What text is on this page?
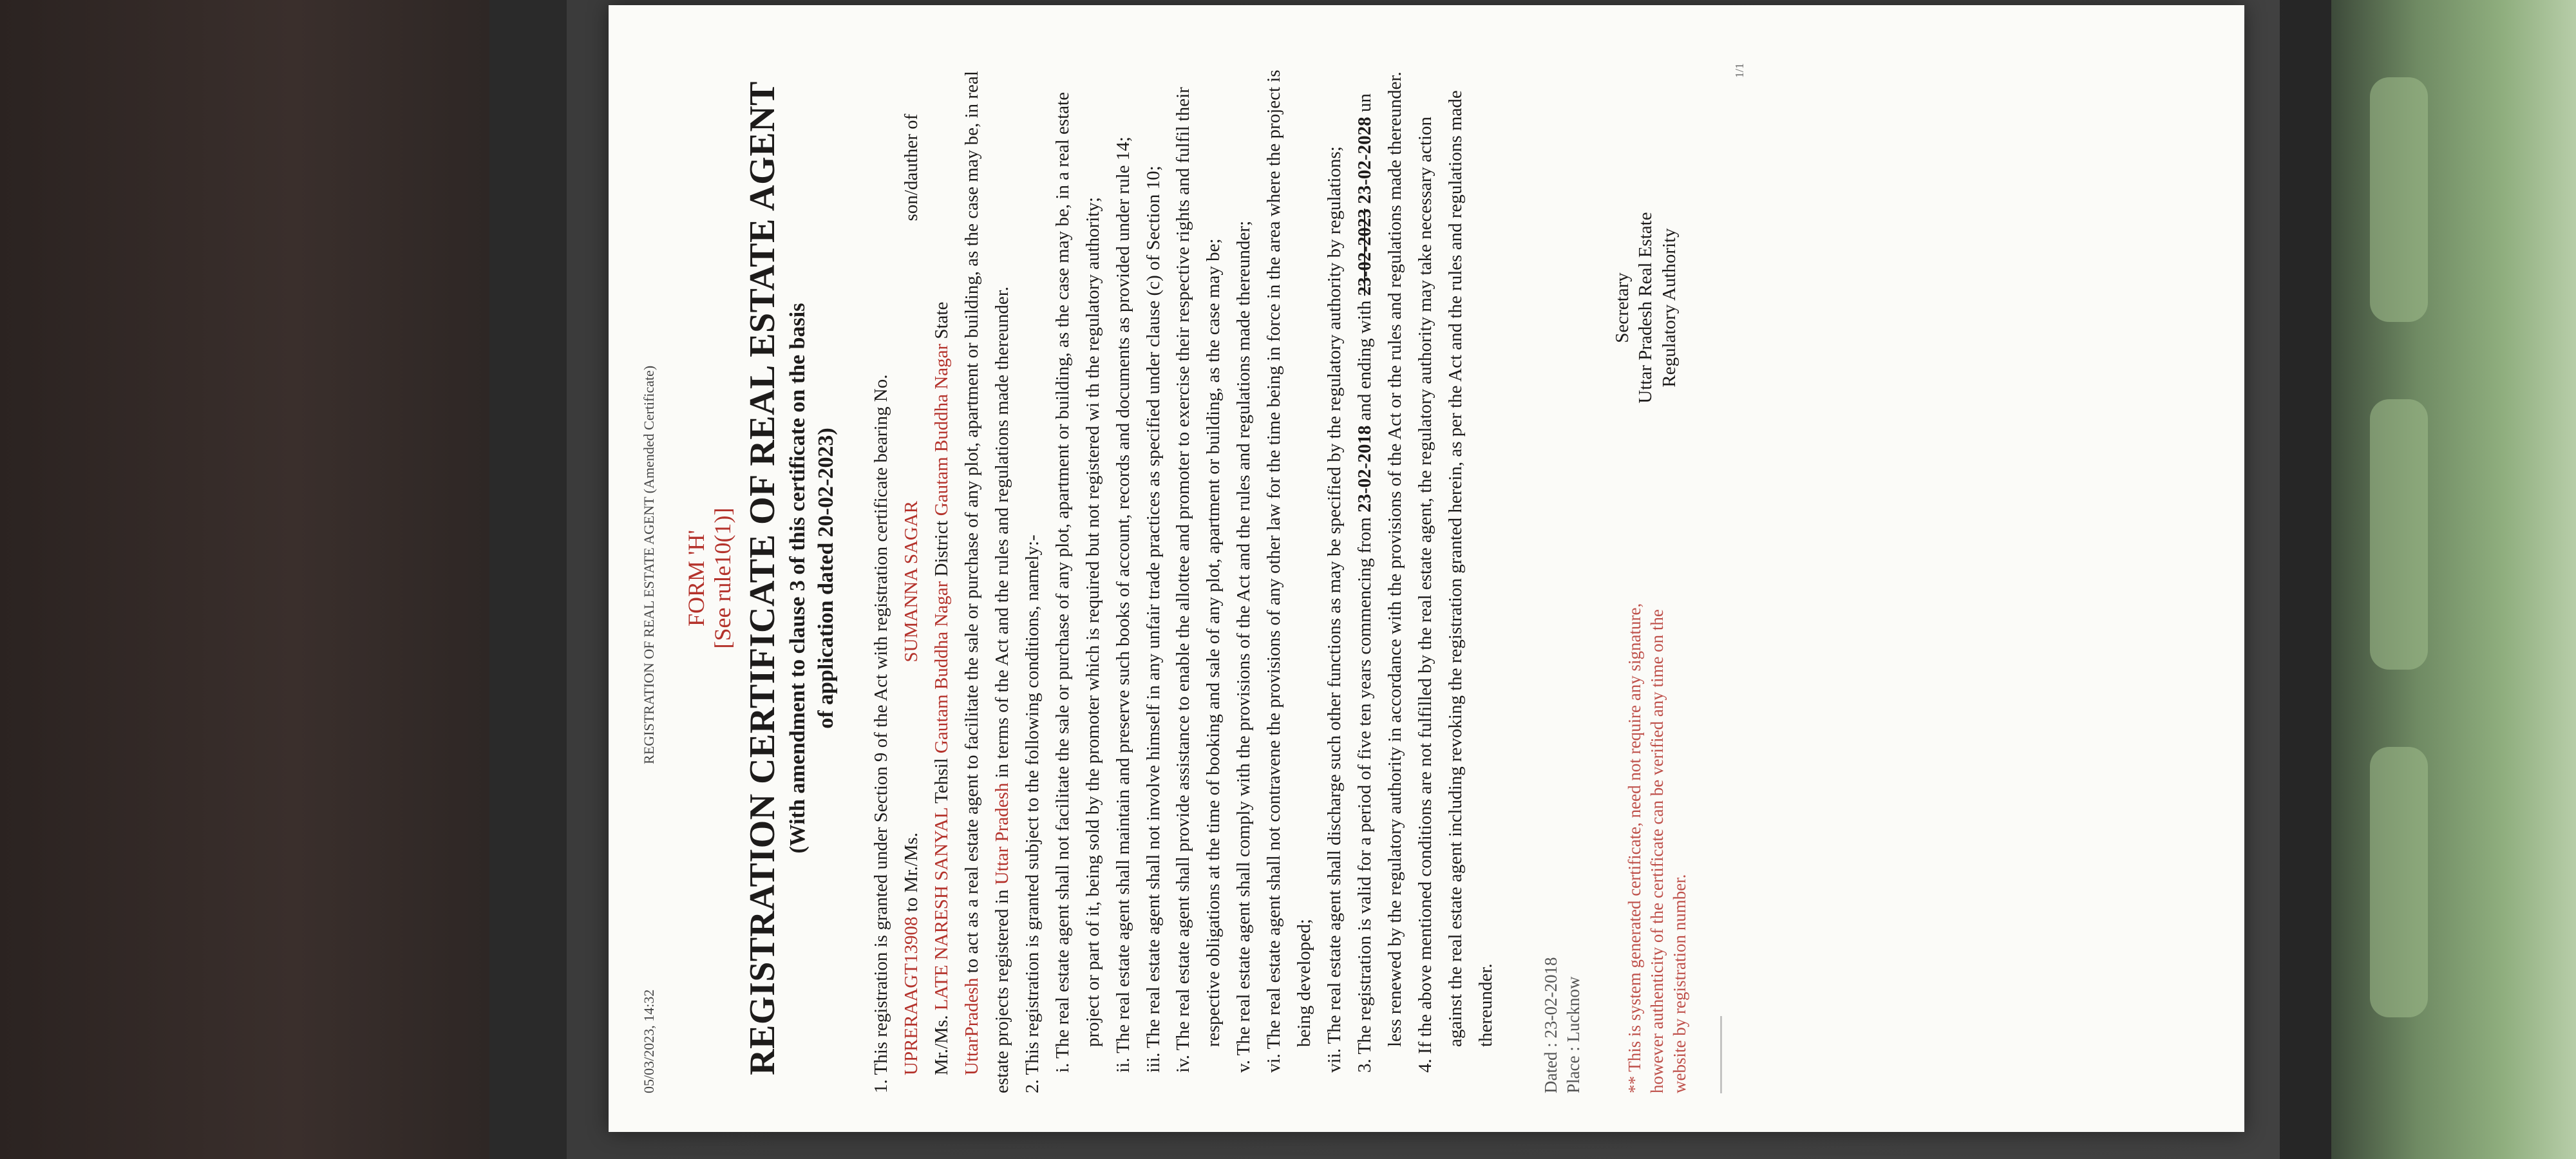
05/03/2023, 14:32
REGISTRATION OF REAL ESTATE AGENT (Amended Certificate) FORM 'H' [See rule10(1)] REGISTRATION CERTIFICATE OF REAL ESTATE AGENT (With amendment to clause 3 of this certificate on the basis of application dated 20-02-2023) 1. This registration is granted under Section 9 of the Act with registration certificate bearing No. UPRERAAGT13908 to Mr./Ms.  SUMANNA SAGAR  son/dauther of
Mr./Ms. LATE NARESH SANYAL Tehsil Gautam Buddha Nagar District Gautam Buddha Nagar State
UttarPradesh to act as a real estate agent to facilitate the sale or purchase of any plot, apartment or building, as the case may be, in real estate projects registered in Uttar Pradesh in terms of the Act and the rules and regulations made thereunder.

2. This registration is granted subject to the following conditions, namely:- i. The real estate agent shall not facilitate the sale or purchase of any plot, apartment or building, as the case may be, in a real estate project or part of it, being sold by the promoter which is required but not registered wi th the regulatory authority; ii. The real estate agent shall maintain and preserve such books of account, records and documents as provided under rule 14; iii. The real estate agent shall not involve himself in any unfair trade practices as specified under clause (c) of Section 10; iv. The real estate agent shall provide assistance to enable the allottee and promoter to exercise their respective rights and fulfil their respective obligations at the time of booking and sale of any plot, apartment or building, as the case may be; v. The real estate agent shall comply with the provisions of the Act and the rules and regulations made thereunder; vi. The real estate agent shall not contravene the provisions of any other law for the time being in force in the area where the project is being developed; vii. The real estate agent shall discharge such other functions as may be specified by the regulatory authority by regulations; 3. The registration is valid for a period of five ten years commencing from 23-02-2018 and ending with 23-02-2023 23-02-2028 un less renewed by the regulatory authority in accordance with the provisions of the Act or the rules and regulations made thereunder. 4. If the above mentioned conditions are not fulfilled by the real estate agent, the regulatory authority may take necessary action against the real estate agent including revoking the registration granted herein, as per the Act and the rules and regulations made thereunder.	Dated : 23-02-2018 Place : Lucknow ** This is system generated certificate, need not require any signature, however authenticity of the certificate can be verified any time on the website by registration number.
Secretary Uttar Pradesh Real Estate Regulatory Authority
1/1
